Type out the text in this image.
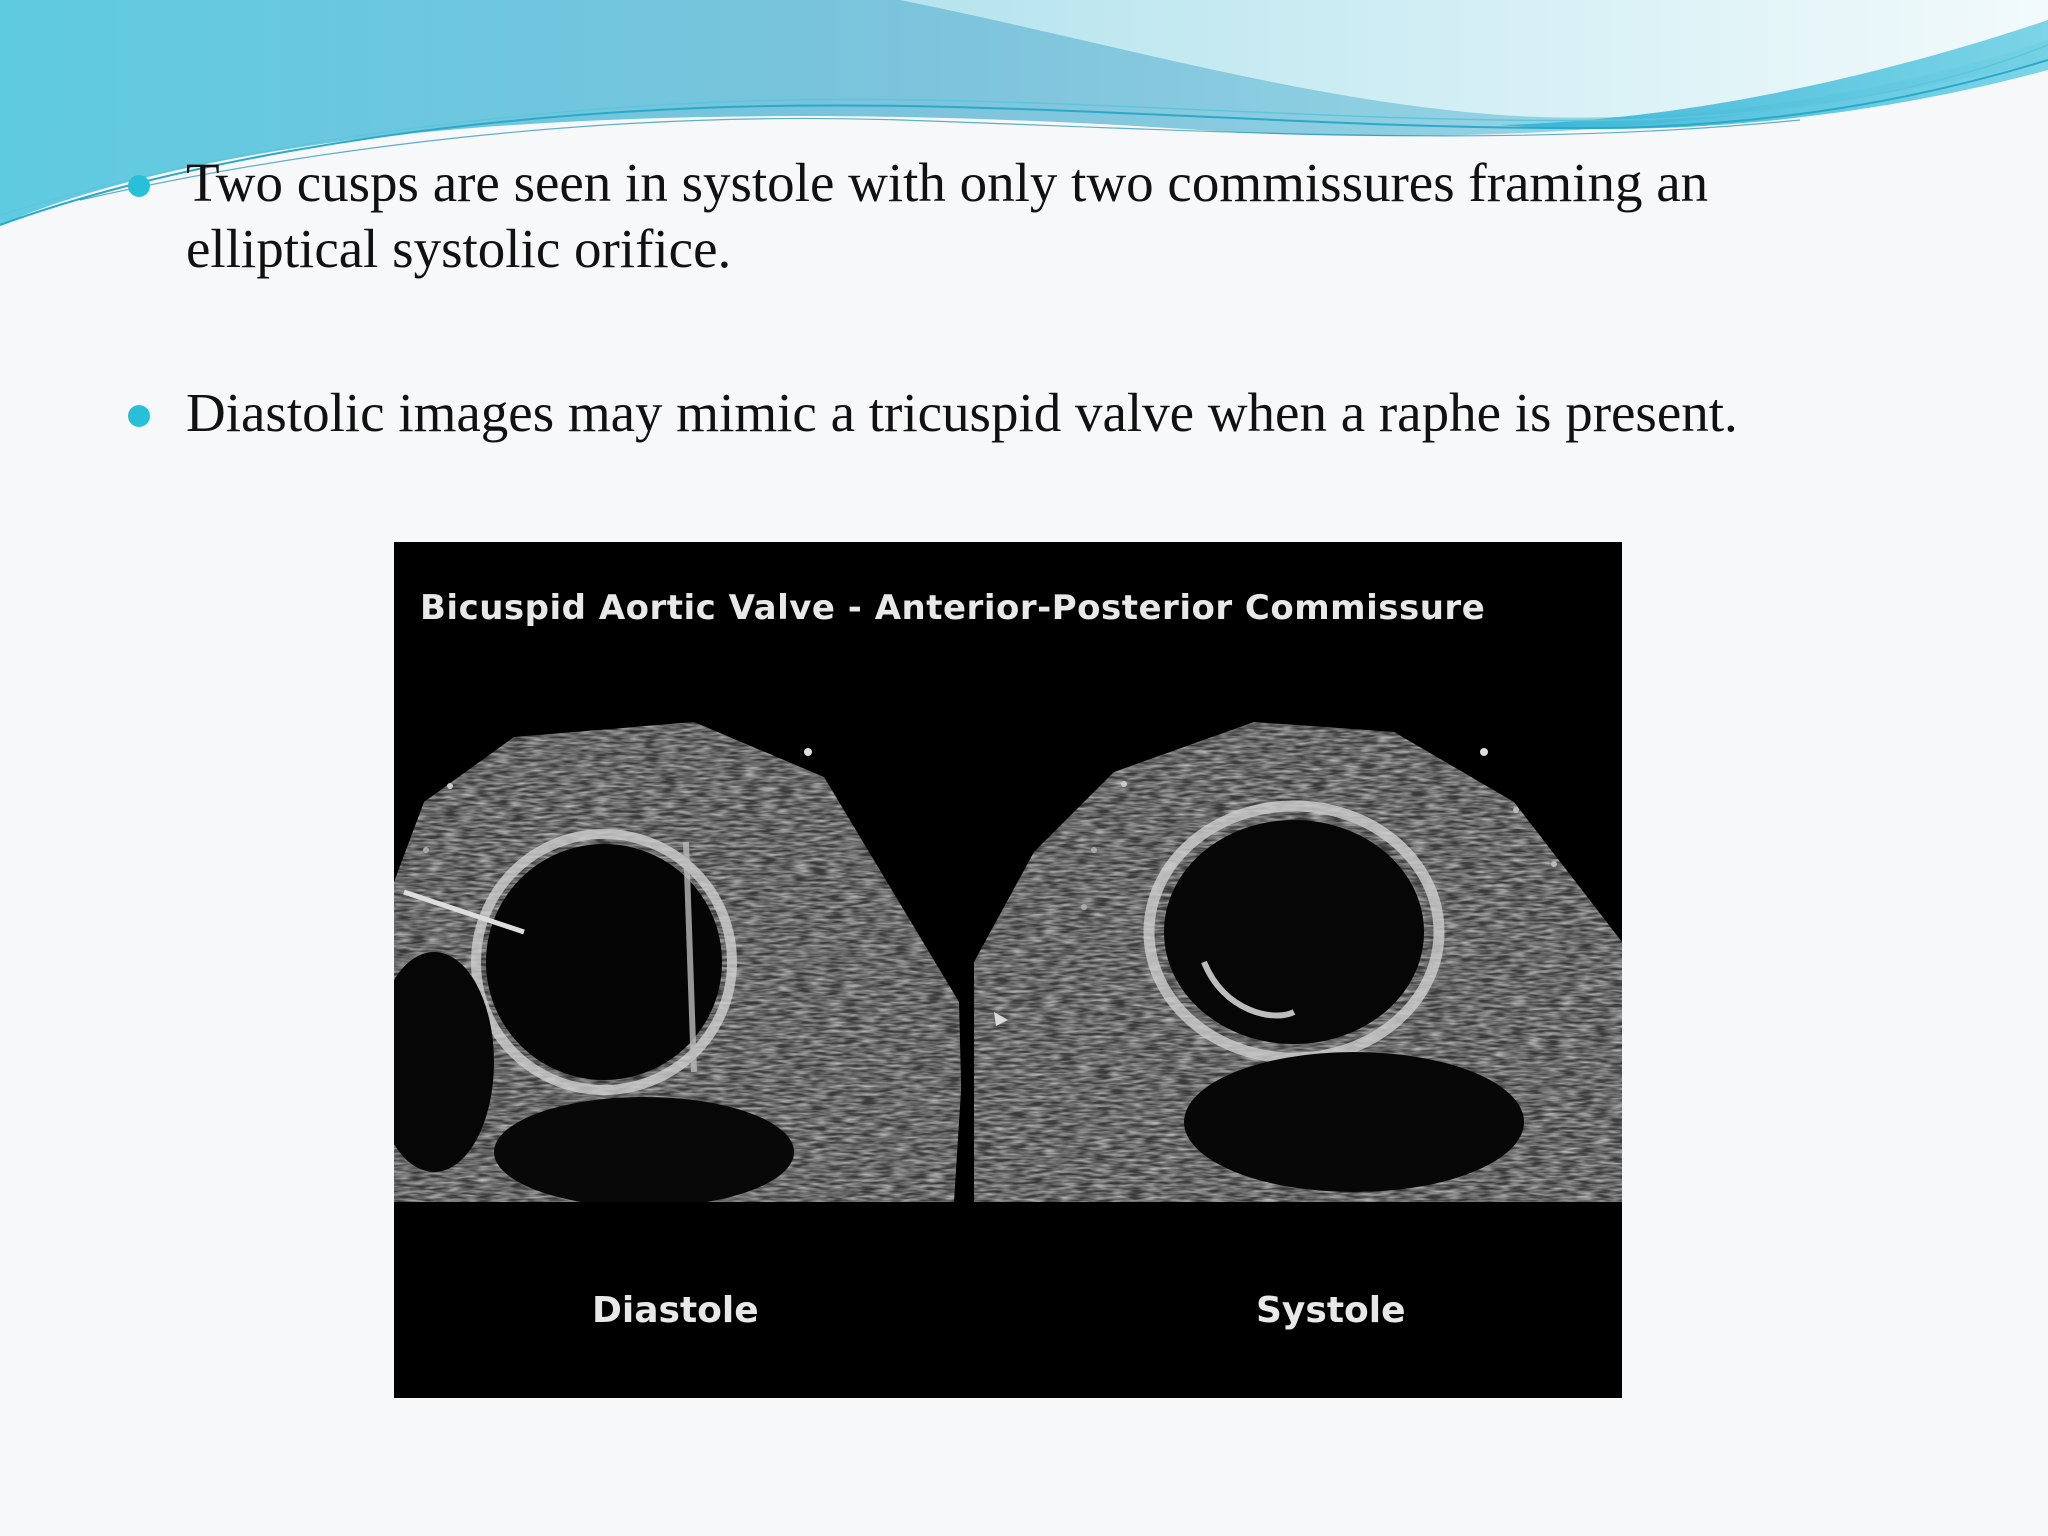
Two cusps are seen in systole with only two commissures framing an
elliptical systolic orifice.
Diastolic images may mimic a tricuspid valve when a raphe is present.
Bicuspid Aortic Valve - Anterior-Posterior Commissure
Diastole	Systole
